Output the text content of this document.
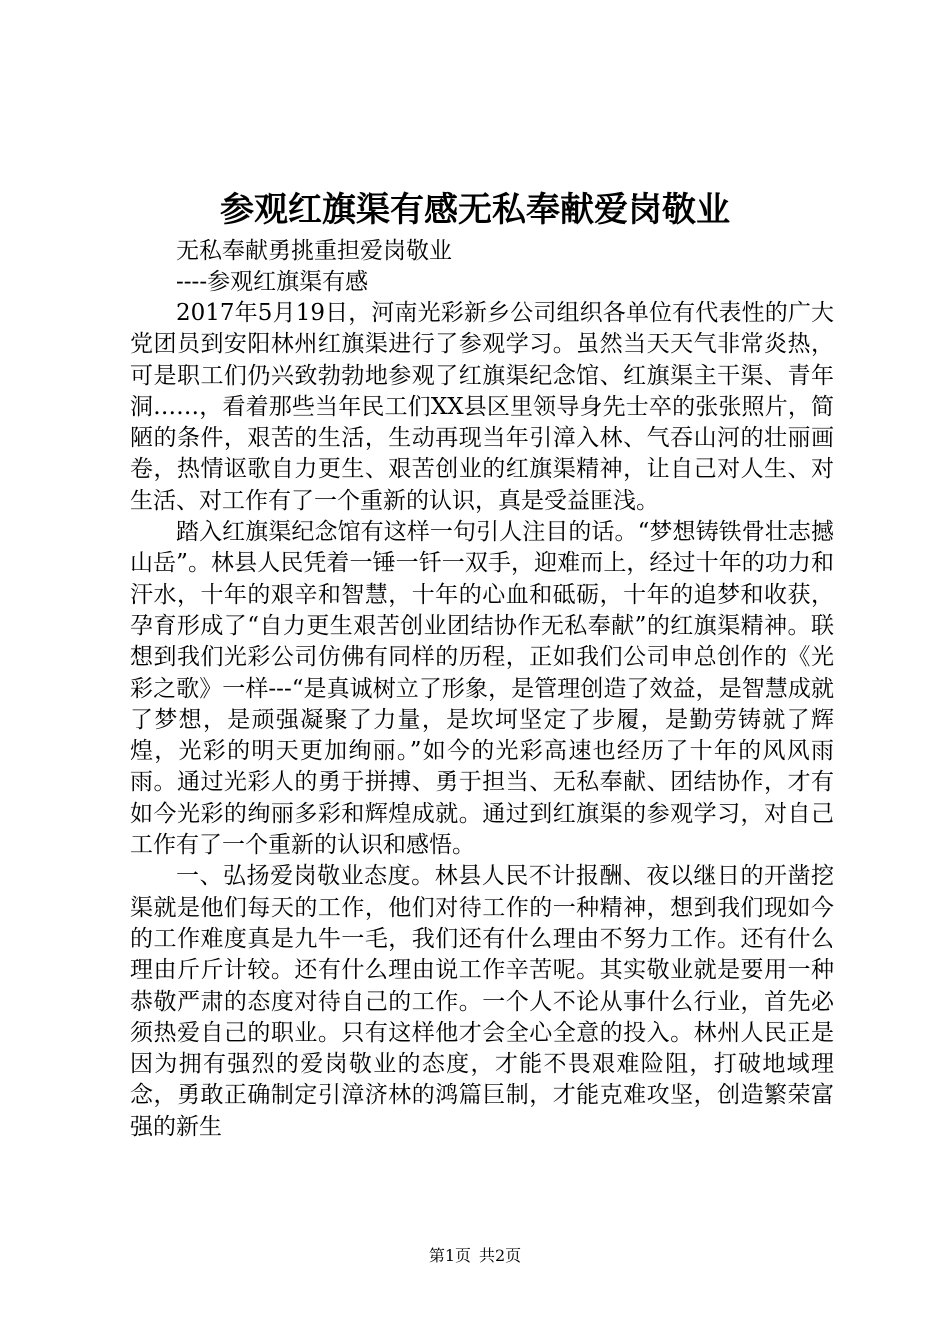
参观红旗渠有感无私奉献爱岗敬业

无私奉献勇挑重担爱岗敬业

----参观红旗渠有感

2017年5月19日，河南光彩新乡公司组织各单位有代表性的广大党团员到安阳林州红旗渠进行了参观学习。虽然当天天气非常炎热，可是职工们仍兴致勃勃地参观了红旗渠纪念馆、红旗渠主干渠、青年洞……，看着那些当年民工们XX县区里领导身先士卒的张张照片，简陋的条件，艰苦的生活，生动再现当年引漳入林、气吞山河的壮丽画卷，热情讴歌自力更生、艰苦创业的红旗渠精神，让自己对人生、对生活、对工作有了一个重新的认识，真是受益匪浅。

踏入红旗渠纪念馆有这样一句引人注目的话。“梦想铸铁骨壮志撼山岳”。林县人民凭着一锤一钎一双手，迎难而上，经过十年的功力和汗水，十年的艰辛和智慧，十年的心血和砥砺，十年的追梦和收获，孕育形成了“自力更生艰苦创业团结协作无私奉献”的红旗渠精神。联想到我们光彩公司仿佛有同样的历程，正如我们公司申总创作的《光彩之歌》一样---“是真诚树立了形象，是管理创造了效益，是智慧成就了梦想，是顽强凝聚了力量，是坎坷坚定了步履，是勤劳铸就了辉煌，光彩的明天更加绚丽。”如今的光彩高速也经历了十年的风风雨雨。通过光彩人的勇于拼搏、勇于担当、无私奉献、团结协作，才有如今光彩的绚丽多彩和辉煌成就。通过到红旗渠的参观学习，对自己工作有了一个重新的认识和感悟。

一、弘扬爱岗敬业态度。林县人民不计报酬、夜以继日的开凿挖渠就是他们每天的工作，他们对待工作的一种精神，想到我们现如今的工作难度真是九牛一毛，我们还有什么理由不努力工作。还有什么理由斤斤计较。还有什么理由说工作辛苦呢。其实敬业就是要用一种恭敬严肃的态度对待自己的工作。一个人不论从事什么行业，首先必须热爱自己的职业。只有这样他才会全心全意的投入。林州人民正是因为拥有强烈的爱岗敬业的态度，才能不畏艰难险阻，打破地域理念，勇敢正确制定引漳济林的鸿篇巨制，才能克难攻坚，创造繁荣富强的新生

第1页 共2页
